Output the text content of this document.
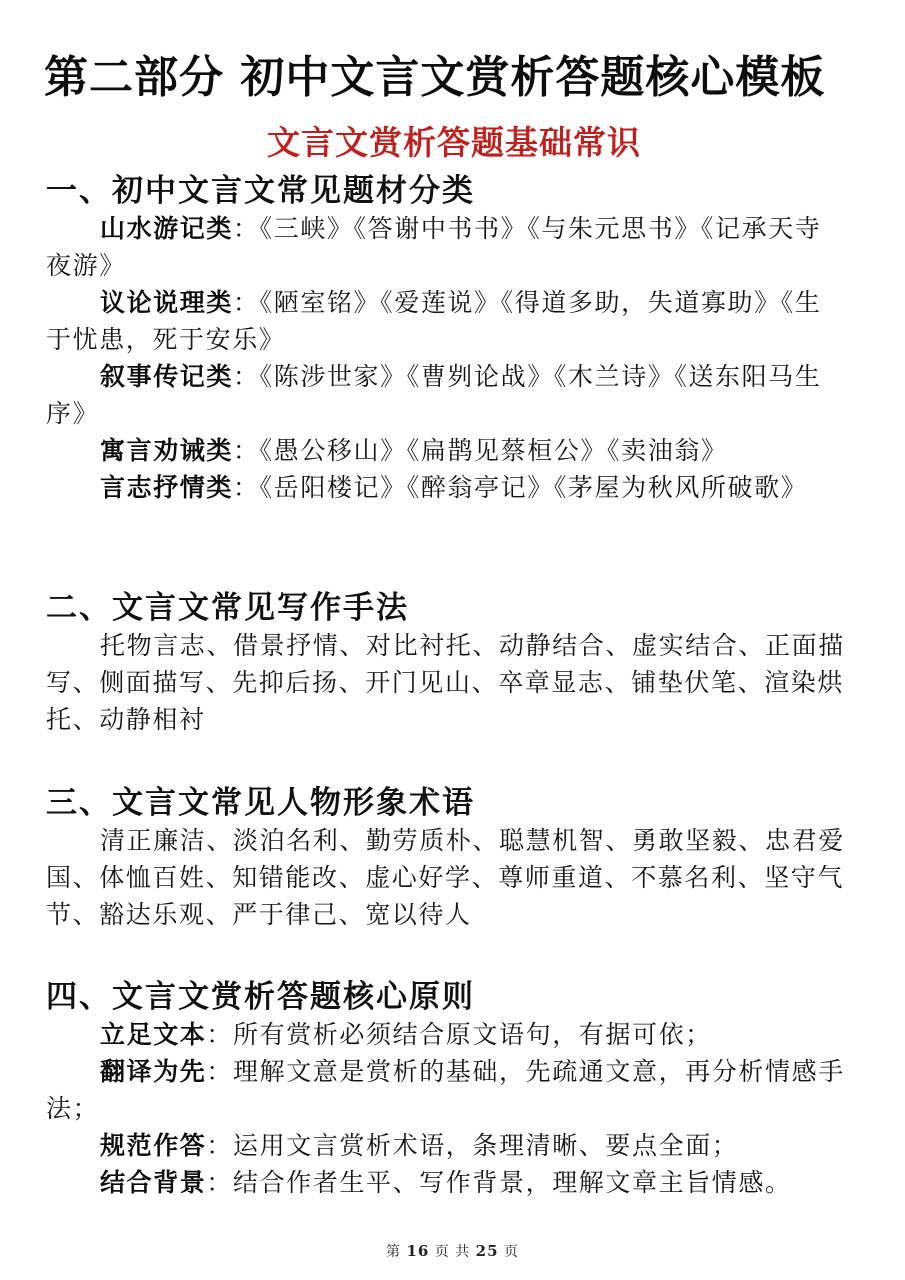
第二部分 初中文言文赏析答题核心模板
文言文赏析答题基础常识
一、初中文言文常见题材分类

山水游记类：《三峡》《答谢中书书》《与朱元思书》《记承天寺夜游》

议论说理类：《陋室铭》《爱莲说》《得道多助，失道寡助》《生于忧患，死于安乐》

叙事传记类：《陈涉世家》《曹刿论战》《木兰诗》《送东阳马生序》

寓言劝诫类：《愚公移山》《扁鹊见蔡桓公》《卖油翁》

言志抒情类：《岳阳楼记》《醉翁亭记》《茅屋为秋风所破歌》

二、文言文常见写作手法

托物言志、借景抒情、对比衬托、动静结合、虚实结合、正面描写、侧面描写、先抑后扬、开门见山、卒章显志、铺垫伏笔、渲染烘托、动静相衬

三、文言文常见人物形象术语

清正廉洁、淡泊名利、勤劳质朴、聪慧机智、勇敢坚毅、忠君爱国、体恤百姓、知错能改、虚心好学、尊师重道、不慕名利、坚守气节、豁达乐观、严于律己、宽以待人

四、文言文赏析答题核心原则

立足文本：所有赏析必须结合原文语句，有据可依；

翻译为先：理解文意是赏析的基础，先疏通文意，再分析情感手法；

规范作答：运用文言赏析术语，条理清晰、要点全面；

结合背景：结合作者生平、写作背景，理解文章主旨情感。

第 16 页 共 25 页
